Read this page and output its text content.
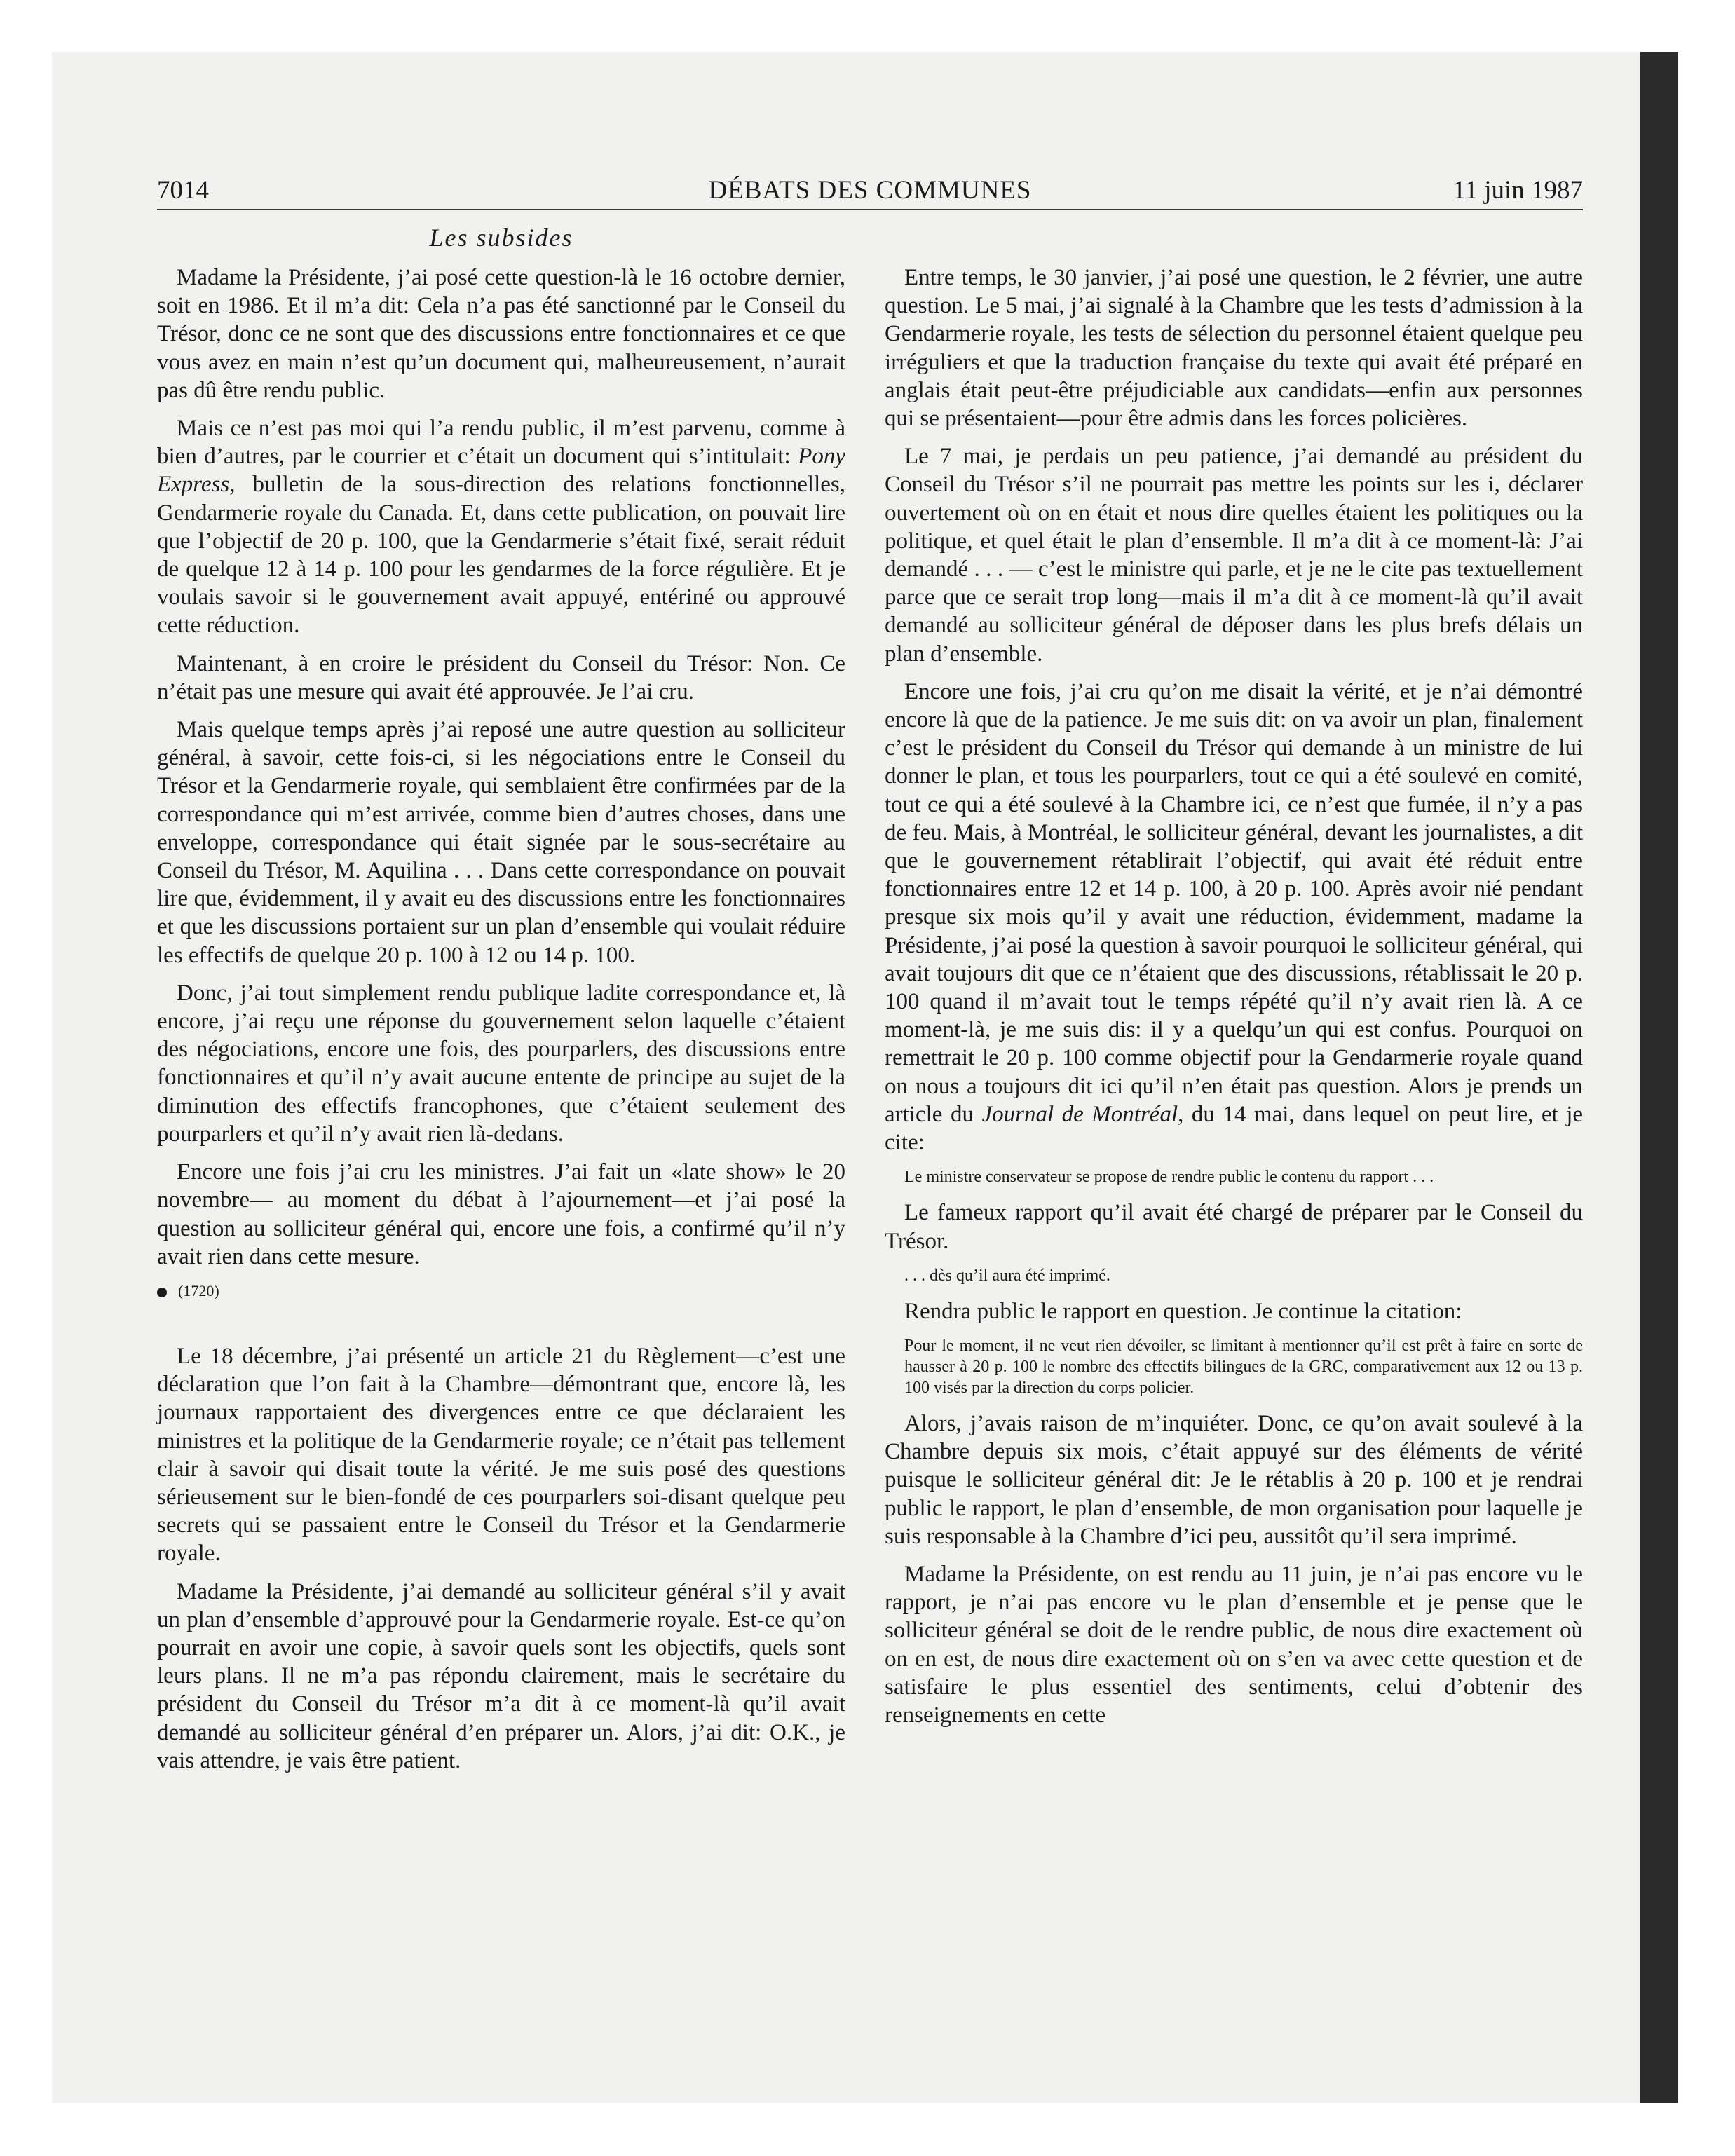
7014	DÉBATS DES COMMUNES	11 juin 1987
Les subsides

Madame la Présidente, j’ai posé cette question-là le 16 octobre dernier, soit en 1986. Et il m’a dit: Cela n’a pas été sanctionné par le Conseil du Trésor, donc ce ne sont que des discussions entre fonctionnaires et ce que vous avez en main n’est qu’un document qui, malheureusement, n’aurait pas dû être rendu public.

Mais ce n’est pas moi qui l’a rendu public, il m’est parvenu, comme à bien d’autres, par le courrier et c’était un document qui s’intitulait: Pony Express, bulletin de la sous-direction des relations fonctionnelles, Gendarmerie royale du Canada. Et, dans cette publication, on pouvait lire que l’objectif de 20 p. 100, que la Gendarmerie s’était fixé, serait réduit de quelque 12 à 14 p. 100 pour les gendarmes de la force régulière. Et je voulais savoir si le gouvernement avait appuyé, entériné ou approuvé cette réduction.

Maintenant, à en croire le président du Conseil du Trésor: Non. Ce n’était pas une mesure qui avait été approuvée. Je l’ai cru.

Mais quelque temps après j’ai reposé une autre question au solliciteur général, à savoir, cette fois-ci, si les négociations entre le Conseil du Trésor et la Gendarmerie royale, qui semblaient être confirmées par de la correspondance qui m’est arrivée, comme bien d’autres choses, dans une enveloppe, correspondance qui était signée par le sous-secrétaire au Conseil du Trésor, M. Aquilina . . . Dans cette correspondance on pouvait lire que, évidemment, il y avait eu des discussions entre les fonctionnaires et que les discussions portaient sur un plan d’ensemble qui voulait réduire les effectifs de quelque 20 p. 100 à 12 ou 14 p. 100.

Donc, j’ai tout simplement rendu publique ladite correspondance et, là encore, j’ai reçu une réponse du gouvernement selon laquelle c’étaient des négociations, encore une fois, des pourparlers, des discussions entre fonctionnaires et qu’il n’y avait aucune entente de principe au sujet de la diminution des effectifs francophones, que c’étaient seulement des pourparlers et qu’il n’y avait rien là-dedans.

Encore une fois j’ai cru les ministres. J’ai fait un «late show» le 20 novembre— au moment du débat à l’ajournement—et j’ai posé la question au solliciteur général qui, encore une fois, a confirmé qu’il n’y avait rien dans cette mesure.

(1720)

Le 18 décembre, j’ai présenté un article 21 du Règlement—c’est une déclaration que l’on fait à la Chambre—démontrant que, encore là, les journaux rapportaient des divergences entre ce que déclaraient les ministres et la politique de la Gendarmerie royale; ce n’était pas tellement clair à savoir qui disait toute la vérité. Je me suis posé des questions sérieusement sur le bien-fondé de ces pourparlers soi-disant quelque peu secrets qui se passaient entre le Conseil du Trésor et la Gendarmerie royale.

Madame la Présidente, j’ai demandé au solliciteur général s’il y avait un plan d’ensemble d’approuvé pour la Gendarmerie royale. Est-ce qu’on pourrait en avoir une copie, à savoir quels sont les objectifs, quels sont leurs plans. Il ne m’a pas répondu clairement, mais le secrétaire du président du Conseil du Trésor m’a dit à ce moment-là qu’il avait demandé au solliciteur général d’en préparer un. Alors, j’ai dit: O.K., je vais attendre, je vais être patient.

Entre temps, le 30 janvier, j’ai posé une question, le 2 février, une autre question. Le 5 mai, j’ai signalé à la Chambre que les tests d’admission à la Gendarmerie royale, les tests de sélection du personnel étaient quelque peu irréguliers et que la traduction française du texte qui avait été préparé en anglais était peut-être préjudiciable aux candidats—enfin aux personnes qui se présentaient—pour être admis dans les forces policières.

Le 7 mai, je perdais un peu patience, j’ai demandé au président du Conseil du Trésor s’il ne pourrait pas mettre les points sur les i, déclarer ouvertement où on en était et nous dire quelles étaient les politiques ou la politique, et quel était le plan d’ensemble. Il m’a dit à ce moment-là: J’ai demandé . . . — c’est le ministre qui parle, et je ne le cite pas textuellement parce que ce serait trop long—mais il m’a dit à ce moment-là qu’il avait demandé au solliciteur général de déposer dans les plus brefs délais un plan d’ensemble.

Encore une fois, j’ai cru qu’on me disait la vérité, et je n’ai démontré encore là que de la patience. Je me suis dit: on va avoir un plan, finalement c’est le président du Conseil du Trésor qui demande à un ministre de lui donner le plan, et tous les pourparlers, tout ce qui a été soulevé en comité, tout ce qui a été soulevé à la Chambre ici, ce n’est que fumée, il n’y a pas de feu. Mais, à Montréal, le solliciteur général, devant les journalistes, a dit que le gouvernement rétablirait l’objectif, qui avait été réduit entre fonctionnaires entre 12 et 14 p. 100, à 20 p. 100. Après avoir nié pendant presque six mois qu’il y avait une réduction, évidemment, madame la Présidente, j’ai posé la question à savoir pourquoi le solliciteur général, qui avait toujours dit que ce n’étaient que des discussions, rétablissait le 20 p. 100 quand il m’avait tout le temps répété qu’il n’y avait rien là. A ce moment-là, je me suis dis: il y a quelqu’un qui est confus. Pourquoi on remettrait le 20 p. 100 comme objectif pour la Gendarmerie royale quand on nous a toujours dit ici qu’il n’en était pas question. Alors je prends un article du Journal de Montréal, du 14 mai, dans lequel on peut lire, et je cite:

Le ministre conservateur se propose de rendre public le contenu du rapport . . .

Le fameux rapport qu’il avait été chargé de préparer par le Conseil du Trésor.

. . . dès qu’il aura été imprimé.

Rendra public le rapport en question. Je continue la citation:

Pour le moment, il ne veut rien dévoiler, se limitant à mentionner qu’il est prêt à faire en sorte de hausser à 20 p. 100 le nombre des effectifs bilingues de la GRC, comparativement aux 12 ou 13 p. 100 visés par la direction du corps policier.

Alors, j’avais raison de m’inquiéter. Donc, ce qu’on avait soulevé à la Chambre depuis six mois, c’était appuyé sur des éléments de vérité puisque le solliciteur général dit: Je le rétablis à 20 p. 100 et je rendrai public le rapport, le plan d’ensemble, de mon organisation pour laquelle je suis responsable à la Chambre d’ici peu, aussitôt qu’il sera imprimé.

Madame la Présidente, on est rendu au 11 juin, je n’ai pas encore vu le rapport, je n’ai pas encore vu le plan d’ensemble et je pense que le solliciteur général se doit de le rendre public, de nous dire exactement où on en est, de nous dire exactement où on s’en va avec cette question et de satisfaire le plus essentiel des sentiments, celui d’obtenir des renseignements en cette
